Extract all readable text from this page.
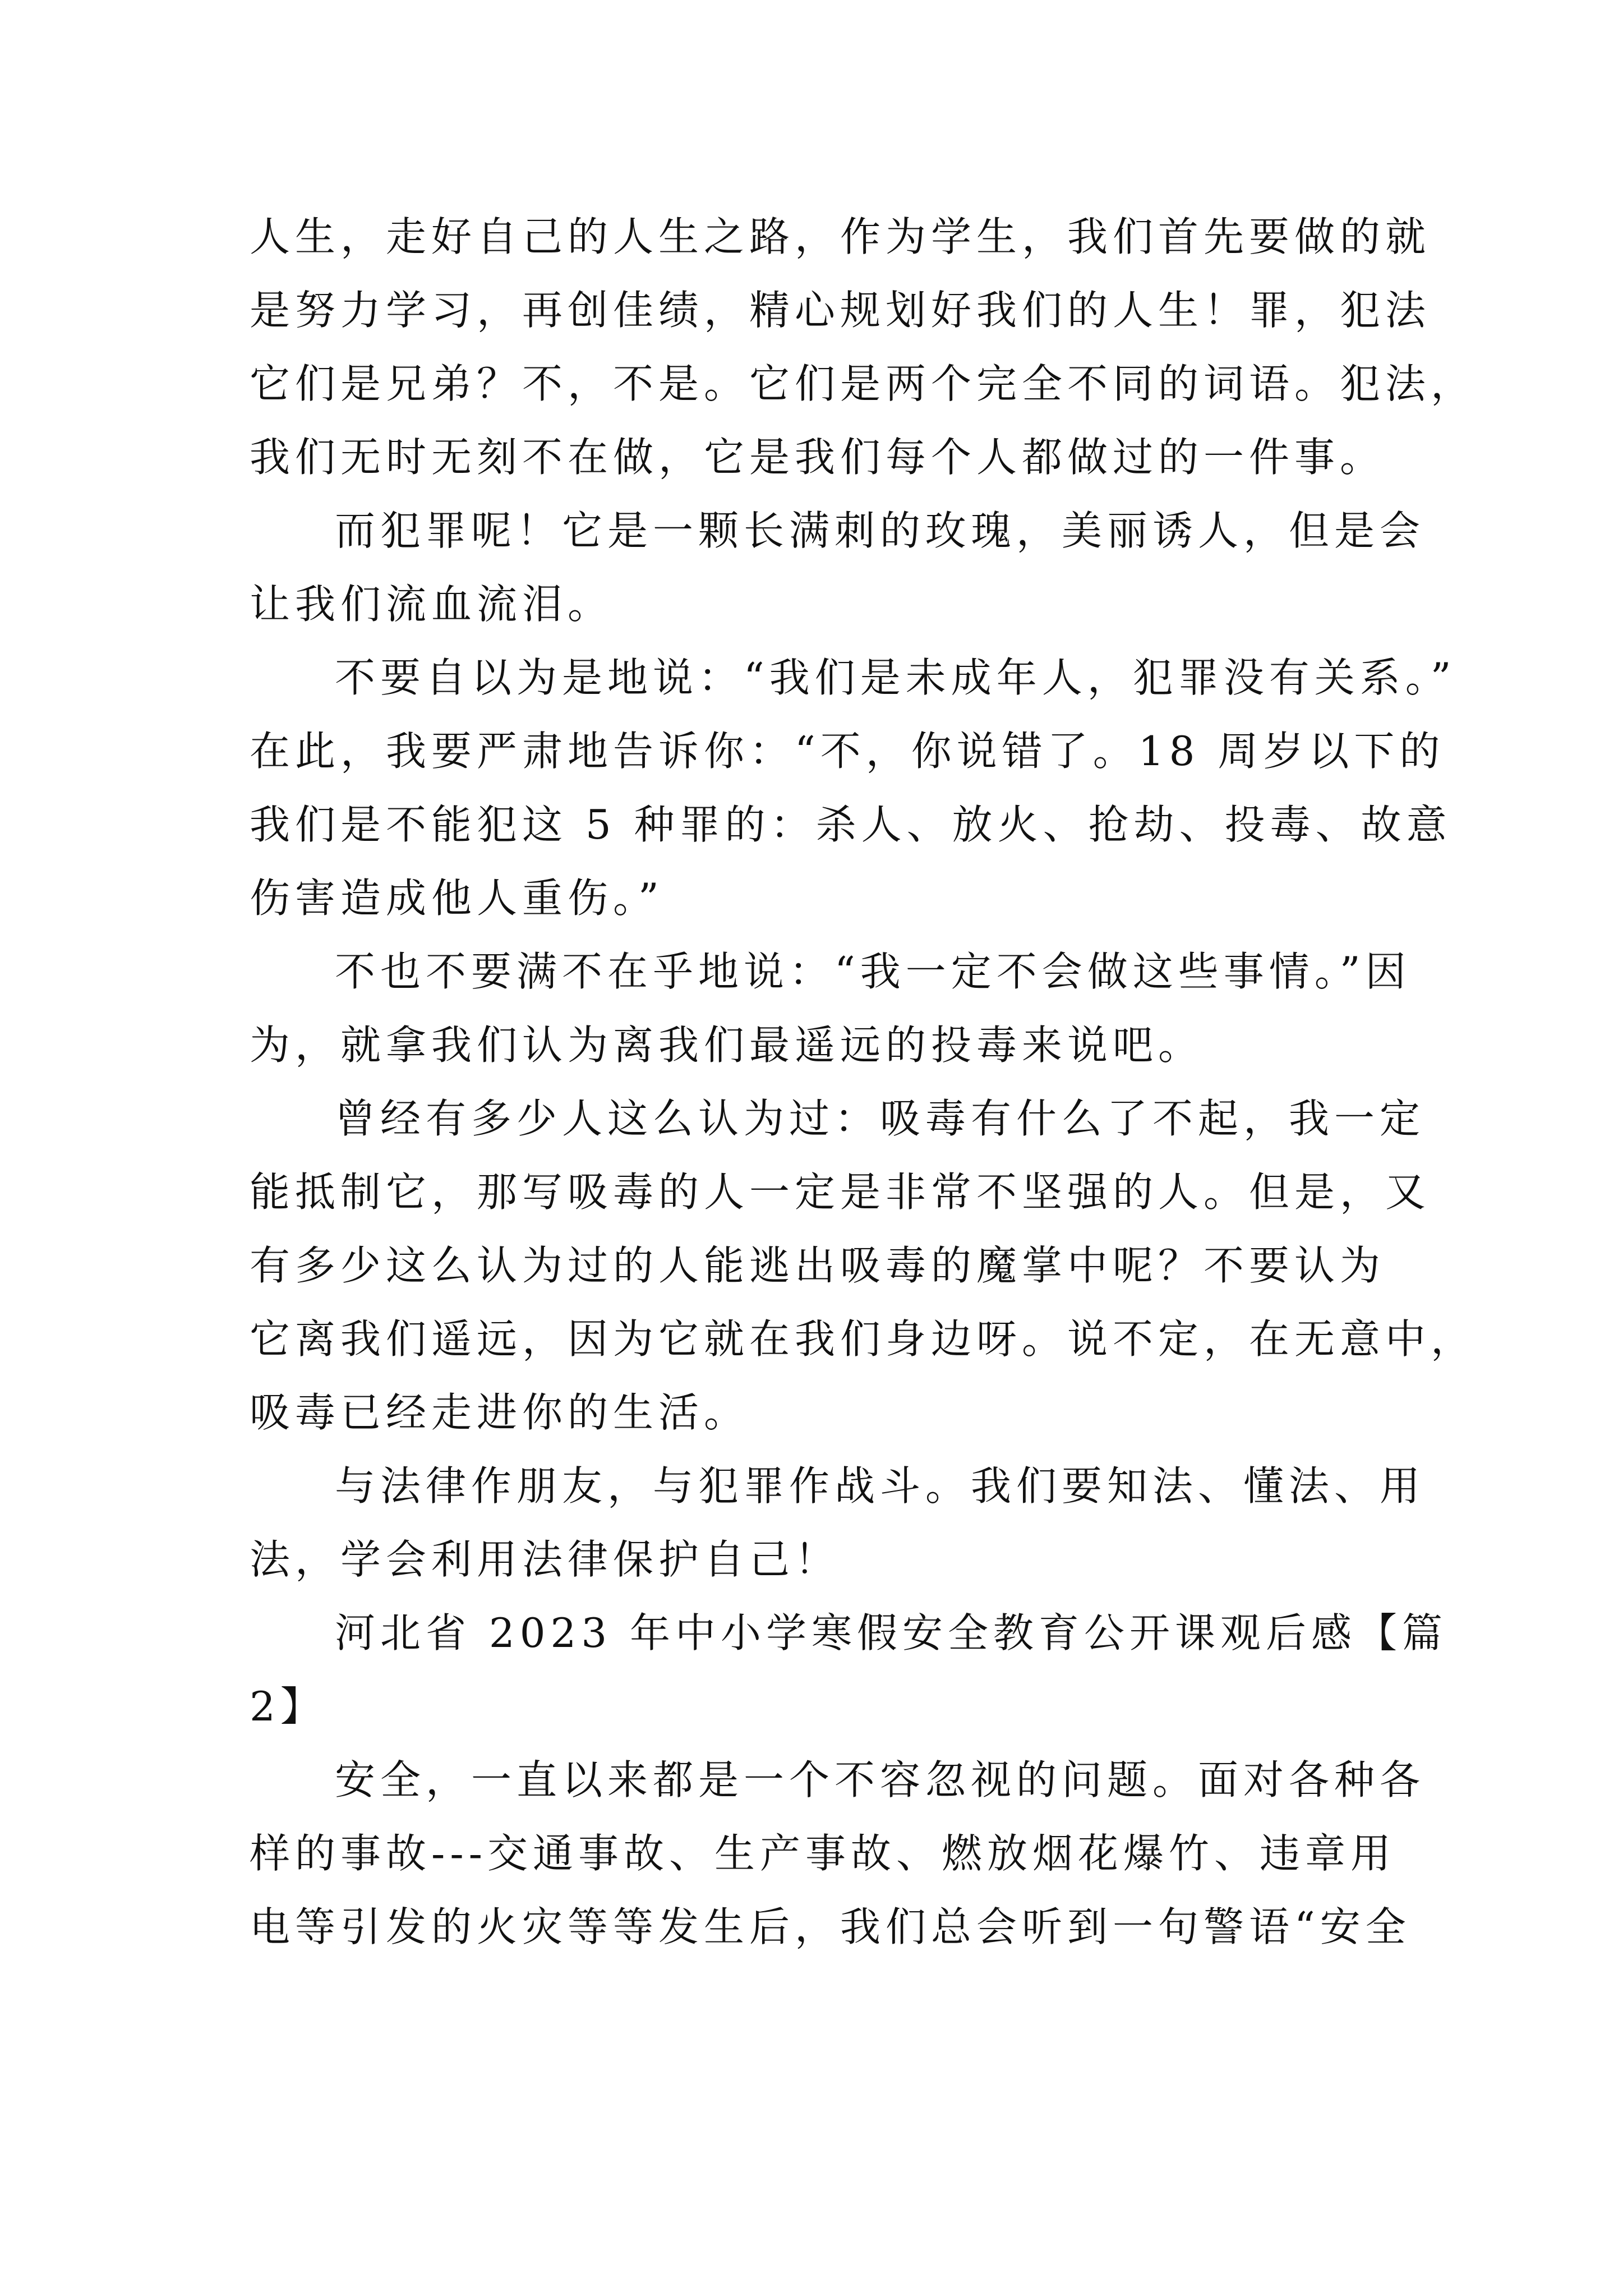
人生，走好自己的人生之路，作为学生，我们首先要做的就
是努力学习，再创佳绩，精心规划好我们的人生！罪，犯法
它们是兄弟？不，不是。它们是两个完全不同的词语。犯法，
我们无时无刻不在做，它是我们每个人都做过的一件事。
而犯罪呢！它是一颗长满刺的玫瑰，美丽诱人，但是会
让我们流血流泪。
不要自以为是地说：“我们是未成年人，犯罪没有关系。”
在此，我要严肃地告诉你：“不，你说错了。18 周岁以下的
我们是不能犯这 5 种罪的：杀人、放火、抢劫、投毒、故意
伤害造成他人重伤。”
不也不要满不在乎地说：“我一定不会做这些事情。”因
为，就拿我们认为离我们最遥远的投毒来说吧。
曾经有多少人这么认为过：吸毒有什么了不起，我一定
能抵制它，那写吸毒的人一定是非常不坚强的人。但是，又
有多少这么认为过的人能逃出吸毒的魔掌中呢？不要认为
它离我们遥远，因为它就在我们身边呀。说不定，在无意中，
吸毒已经走进你的生活。
与法律作朋友，与犯罪作战斗。我们要知法、懂法、用
法，学会利用法律保护自己！
河北省 2023 年中小学寒假安全教育公开课观后感【篇
2】
安全，一直以来都是一个不容忽视的问题。面对各种各
样的事故---交通事故、生产事故、燃放烟花爆竹、违章用
电等引发的火灾等等发生后，我们总会听到一句警语“安全
